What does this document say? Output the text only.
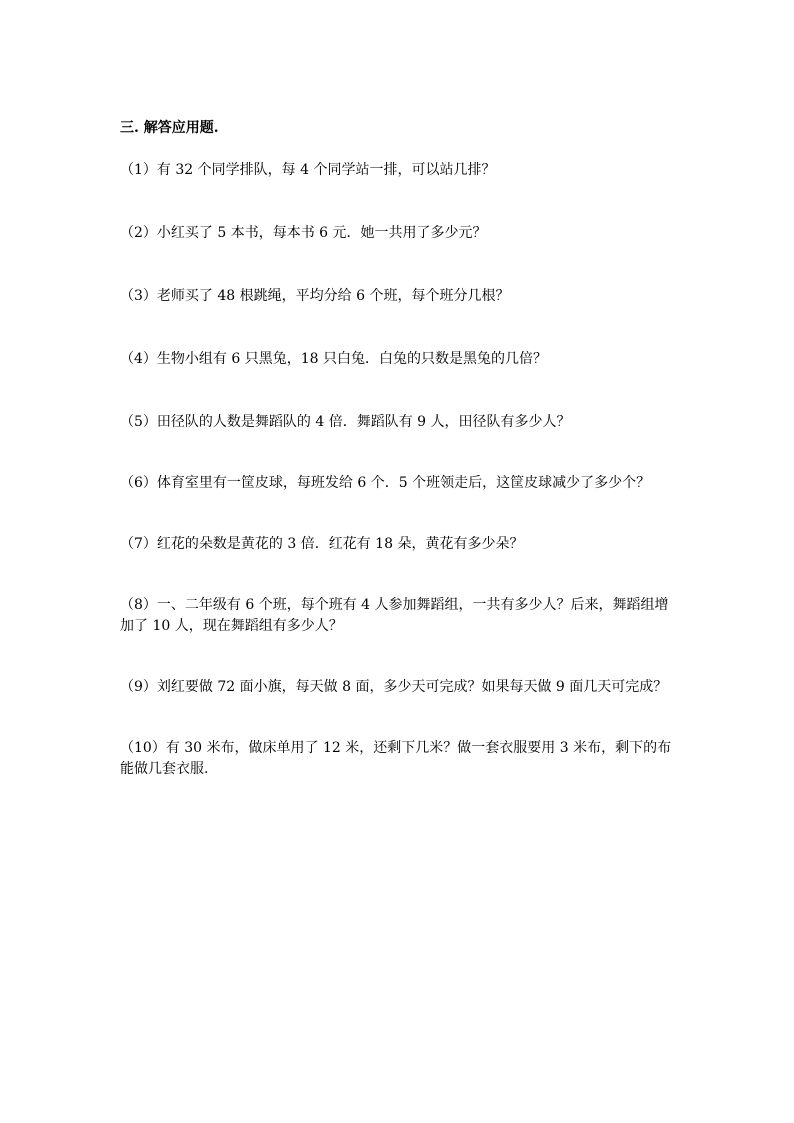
三. 解答应用题.
（1）有 32 个同学排队，每 4 个同学站一排，可以站几排？
（2）小红买了 5 本书，每本书 6 元．她一共用了多少元？
（3）老师买了 48 根跳绳，平均分给 6 个班，每个班分几根？
（4）生物小组有 6 只黑兔，18 只白兔．白兔的只数是黑兔的几倍？
（5）田径队的人数是舞蹈队的 4 倍．舞蹈队有 9 人，田径队有多少人？
（6）体育室里有一筐皮球，每班发给 6 个．5 个班领走后，这筐皮球减少了多少个？
（7）红花的朵数是黄花的 3 倍．红花有 18 朵，黄花有多少朵？
（8）一、二年级有 6 个班，每个班有 4 人参加舞蹈组，一共有多少人？后来，舞蹈组增加了 10 人，现在舞蹈组有多少人？
（9）刘红要做 72 面小旗，每天做 8 面，多少天可完成？如果每天做 9 面几天可完成？
（10）有 30 米布，做床单用了 12 米，还剩下几米？做一套衣服要用 3 米布，剩下的布能做几套衣服.
